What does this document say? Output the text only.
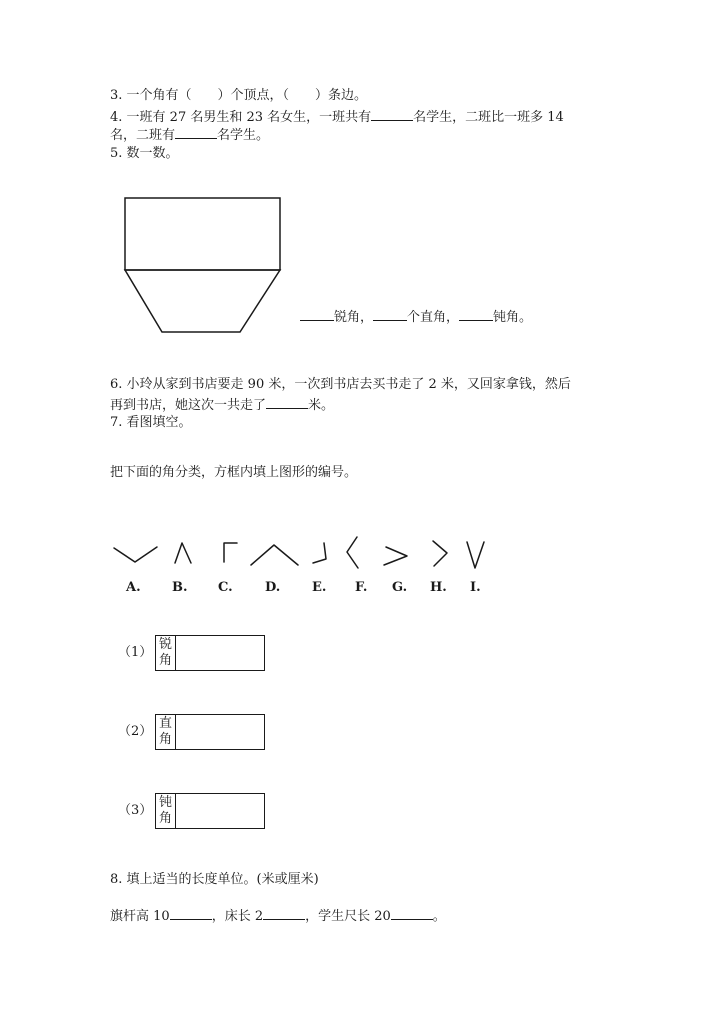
3. 一个角有（　　）个顶点，（　　）条边。
4. 一班有 27 名男生和 23 名女生，一班共有	名学生，二班比一班多 14
名，二班有	名学生。
5. 数一数。
A. B. C. D. E. F. G. H. I.
锐角，	个直角，	钝角。
6. 小玲从家到书店要走 90 米，一次到书店去买书走了 2 米，又回家拿钱，然后
再到书店，她这次一共走了	米。
7. 看图填空。
把下面的角分类，方框内填上图形的编号。
（1）
锐角
（2）
直角
（3）
钝角
8. 填上适当的长度单位。(米或厘米)
旗杆高 10	，床长 2	，学生尺长 20	。
